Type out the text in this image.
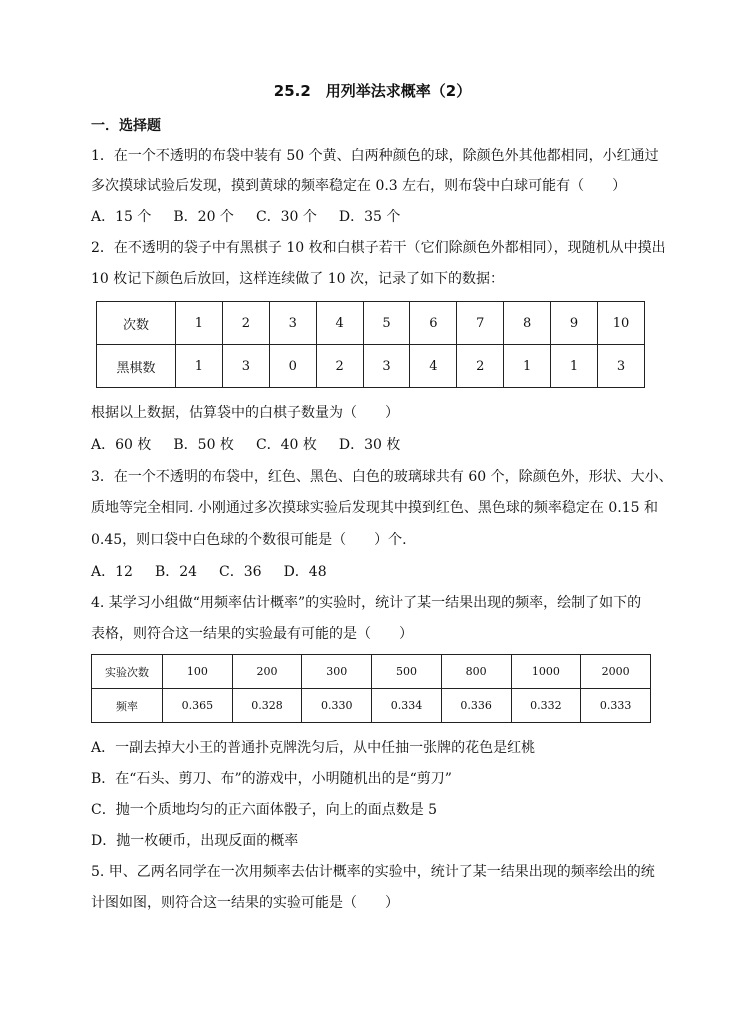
25.2　用列举法求概率（2）
一．选择题
1．在一个不透明的布袋中装有 50 个黄、白两种颜色的球，除颜色外其他都相同，小红通过
多次摸球试验后发现，摸到黄球的频率稳定在 0.3 左右，则布袋中白球可能有（　　）
A．15 个 B．20 个 C．30 个 D．35 个
2．在不透明的袋子中有黑棋子 10 枚和白棋子若干（它们除颜色外都相同），现随机从中摸出
10 枚记下颜色后放回，这样连续做了 10 次，记录了如下的数据：
次数	1	2	3	4	5	6	7	8	9	10
黑棋数	1	3	0	2	3	4	2	1	1	3
根据以上数据，估算袋中的白棋子数量为（　　）
A．60 枚 B．50 枚 C．40 枚 D．30 枚
3．在一个不透明的布袋中，红色、黑色、白色的玻璃球共有 60 个，除颜色外，形状、大小、
质地等完全相同. 小刚通过多次摸球实验后发现其中摸到红色、黑色球的频率稳定在 0.15 和
0.45，则口袋中白色球的个数很可能是（　　）个.
A．12 B．24 C．36 D．48
4. 某学习小组做“用频率估计概率”的实验时，统计了某一结果出现的频率，绘制了如下的
表格，则符合这一结果的实验最有可能的是（　　）
实验次数	100	200	300	500	800	1000	2000
频率	0.365	0.328	0.330	0.334	0.336	0.332	0.333
A．一副去掉大小王的普通扑克牌洗匀后，从中任抽一张牌的花色是红桃
B．在“石头、剪刀、布”的游戏中，小明随机出的是“剪刀”
C．抛一个质地均匀的正六面体骰子，向上的面点数是 5
D．抛一枚硬币，出现反面的概率
5. 甲、乙两名同学在一次用频率去估计概率的实验中，统计了某一结果出现的频率绘出的统
计图如图，则符合这一结果的实验可能是（　　）
